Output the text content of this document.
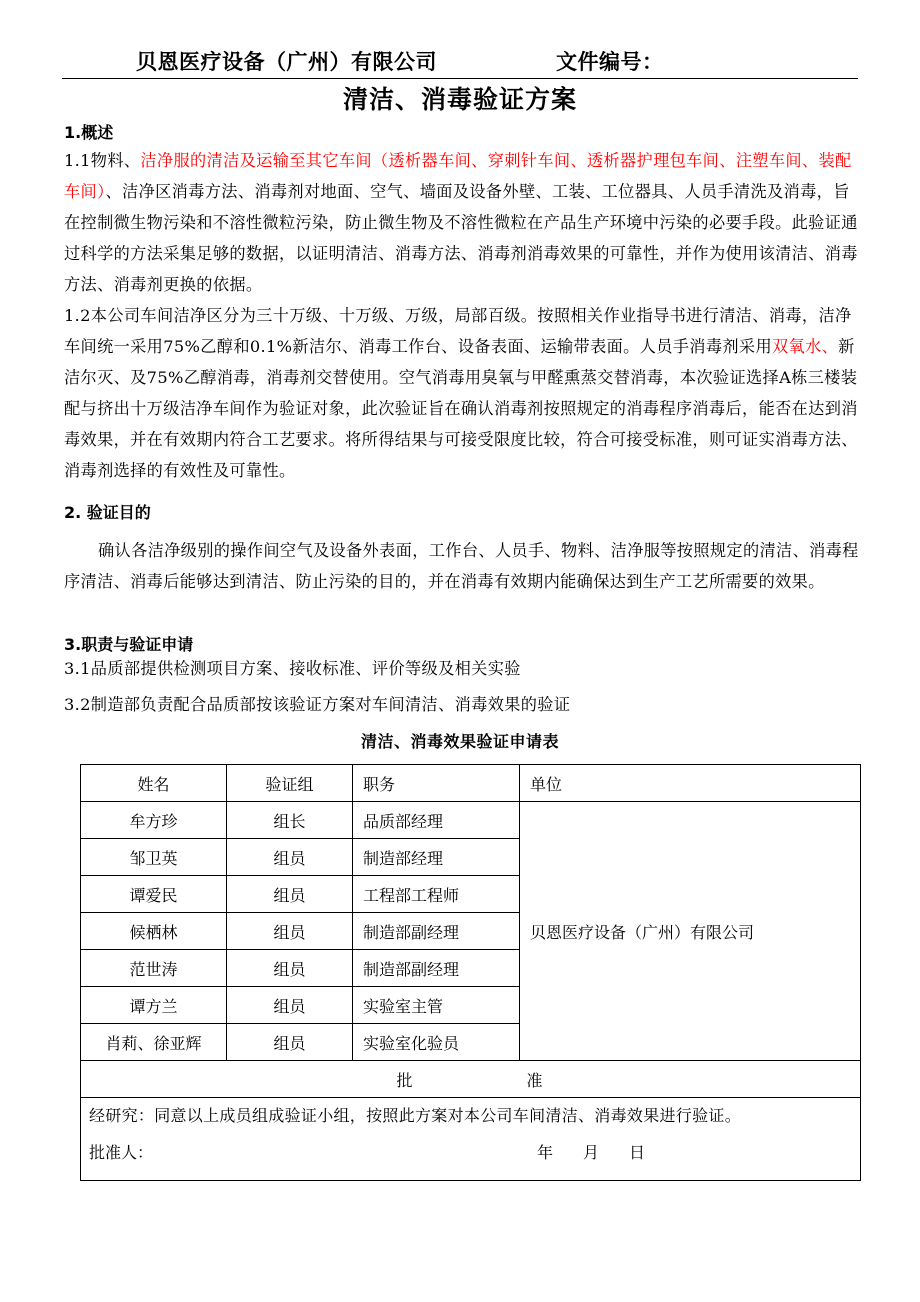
贝恩医疗设备（广州）有限公司	文件编号：
清洁、消毒验证方案
1.概述
1.1物料、洁净服的清洁及运输至其它车间（透析器车间、穿刺针车间、透析器护理包车间、注塑车间、装配车间）、洁净区消毒方法、消毒剂对地面、空气、墙面及设备外壁、工装、工位器具、人员手清洗及消毒，旨在控制微生物污染和不溶性微粒污染，防止微生物及不溶性微粒在产品生产环境中污染的必要手段。此验证通过科学的方法采集足够的数据，以证明清洁、消毒方法、消毒剂消毒效果的可靠性，并作为使用该清洁、消毒方法、消毒剂更换的依据。
1.2本公司车间洁净区分为三十万级、十万级、万级，局部百级。按照相关作业指导书进行清洁、消毒，洁净车间统一采用75%乙醇和0.1%新洁尔、消毒工作台、设备表面、运输带表面。人员手消毒剂采用双氧水、新洁尔灭、及75%乙醇消毒，消毒剂交替使用。空气消毒用臭氧与甲醛熏蒸交替消毒，本次验证选择A栋三楼装配与挤出十万级洁净车间作为验证对象，此次验证旨在确认消毒剂按照规定的消毒程序消毒后，能否在达到消毒效果，并在有效期内符合工艺要求。将所得结果与可接受限度比较，符合可接受标准，则可证实消毒方法、消毒剂选择的有效性及可靠性。
2. 验证目的
确认各洁净级别的操作间空气及设备外表面，工作台、人员手、物料、洁净服等按照规定的清洁、消毒程序清洁、消毒后能够达到清洁、防止污染的目的，并在消毒有效期内能确保达到生产工艺所需要的效果。
3.职责与验证申请
3.1品质部提供检测项目方案、接收标准、评价等级及相关实验
3.2制造部负责配合品质部按该验证方案对车间清洁、消毒效果的验证
清洁、消毒效果验证申请表
姓名	验证组	职务	单位
牟方珍	组长	品质部经理	贝恩医疗设备（广州）有限公司
邹卫英	组员	制造部经理	
谭爱民	组员	工程部工程师	
候栖林	组员	制造部副经理	
范世涛	组员	制造部副经理	
谭方兰	组员	实验室主管	
肖莉、徐亚辉	组员	实验室化验员	
批 准			

经研究：同意以上成员组成验证小组，按照此方案对本公司车间清洁、消毒效果进行验证。
批准人： 年 月 日			
